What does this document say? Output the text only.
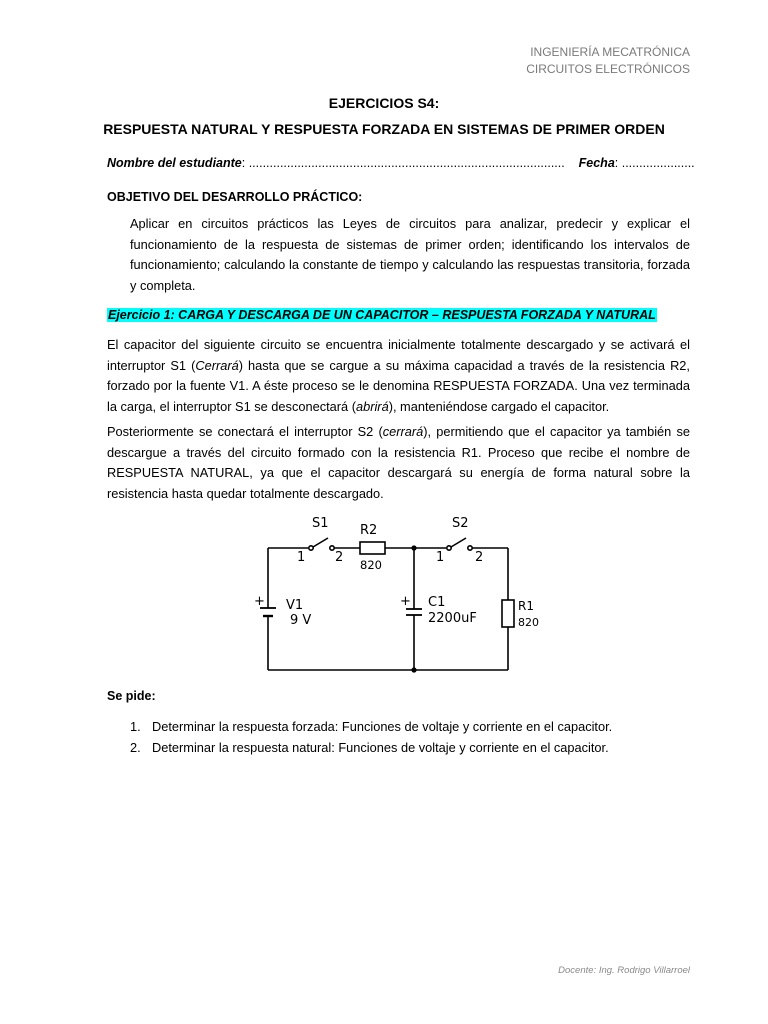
INGENIERÍA MECATRÓNICA
CIRCUITOS ELECTRÓNICOS
EJERCICIOS S4:
RESPUESTA NATURAL Y RESPUESTA FORZADA EN SISTEMAS DE PRIMER ORDEN
Nombre del estudiante: ........................................................................................... Fecha: .....................
OBJETIVO DEL DESARROLLO PRÁCTICO:
Aplicar en circuitos prácticos las Leyes de circuitos para analizar, predecir y explicar el funcionamiento de la respuesta de sistemas de primer orden; identificando los intervalos de funcionamiento; calculando la constante de tiempo y calculando las respuestas transitoria, forzada y completa.
Ejercicio 1: CARGA Y DESCARGA DE UN CAPACITOR – RESPUESTA FORZADA Y NATURAL
El capacitor del siguiente circuito se encuentra inicialmente totalmente descargado y se activará el interruptor S1 (Cerrará) hasta que se cargue a su máxima capacidad a través de la resistencia R2, forzado por la fuente V1. A éste proceso se le denomina RESPUESTA FORZADA. Una vez terminada la carga, el interruptor S1 se desconectará (abrirá), manteniéndose cargado el capacitor.
Posteriormente se conectará el interruptor S2 (cerrará), permitiendo que el capacitor ya también se descargue a través del circuito formado con la resistencia R1. Proceso que recibe el nombre de RESPUESTA NATURAL, ya que el capacitor descargará su energía de forma natural sobre la resistencia hasta quedar totalmente descargado.
S1
1 2
R2
820
S2
1 2
+ V1
9 V
+ C1
2200uF
R1
820
Se pide:
1. Determinar la respuesta forzada: Funciones de voltaje y corriente en el capacitor.
2. Determinar la respuesta natural: Funciones de voltaje y corriente en el capacitor.
Docente: Ing. Rodrigo Villarroel
